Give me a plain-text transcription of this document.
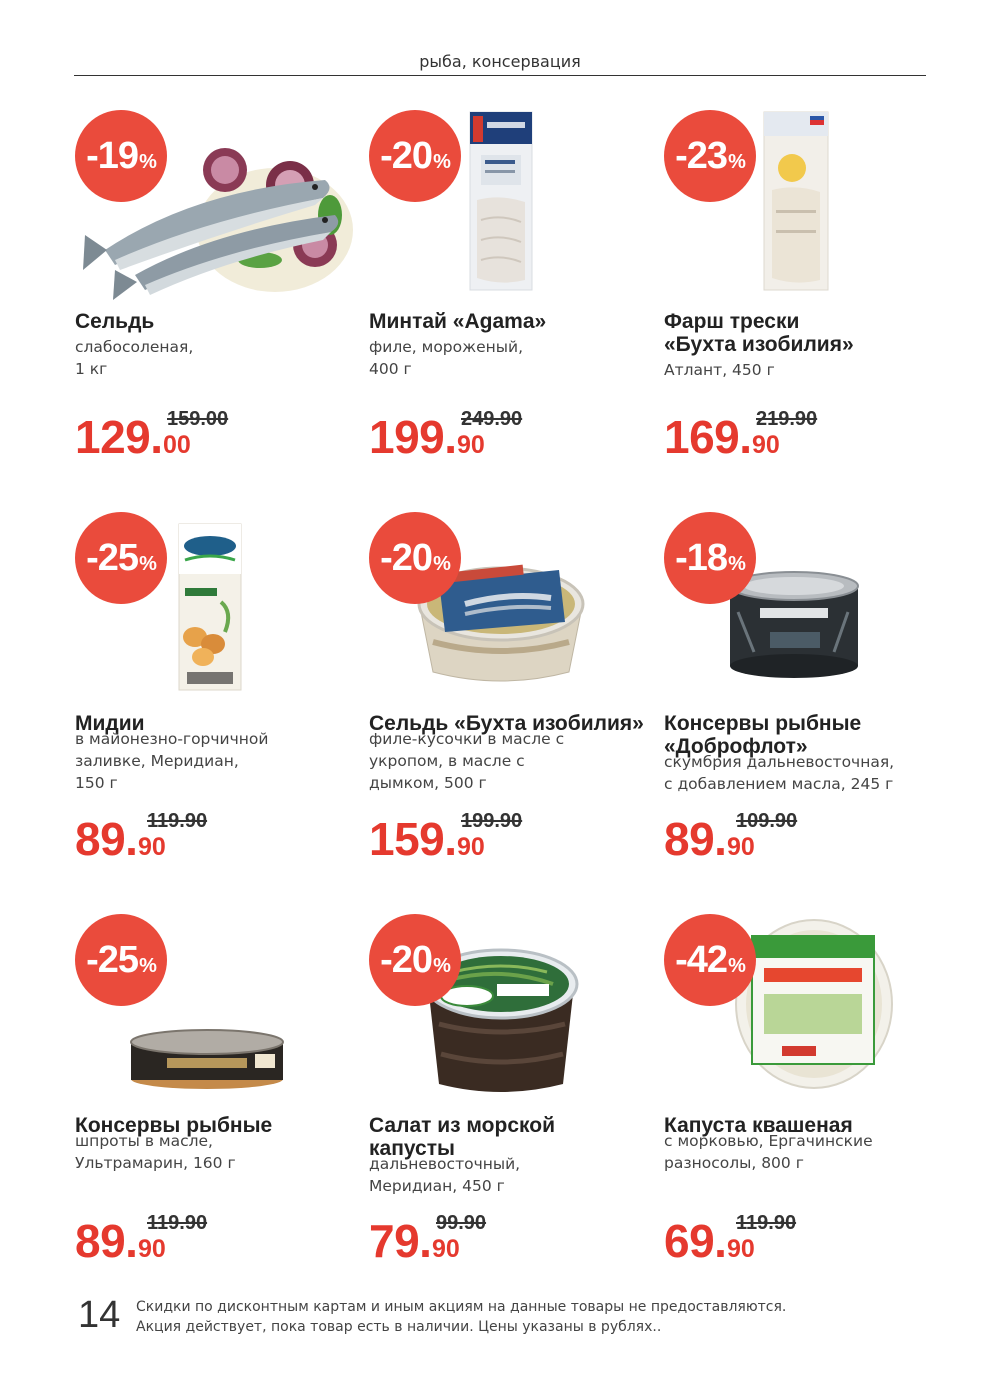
рыба, консервация
-19 %
Сельдь
слабосоленая,
1 кг
129.00
159.00
-20 %
Минтай «Agama»
филе, мороженый,
400 г
199.90
249.90
-23 %
Фарш трески
«Бухта изобилия»
Атлант, 450 г
169.90
219.90
-25 %
Мидии
в майонезно-горчичной
заливке, Меридиан,
150 г
89.90
119.90
-20 %
Сельдь «Бухта изобилия»
филе-кусочки в масле с
укропом, в масле с
дымком, 500 г
159.90
199.90
-18 %
Консервы рыбные
«Доброфлот»
скумбрия дальневосточная,
с добавлением масла, 245 г
89.90
109.90
-25 %
Консервы рыбные
шпроты в масле,
Ультрамарин, 160 г
89.90
119.90
-20 %
Салат из морской
капусты
дальневосточный,
Меридиан, 450 г
79.90
99.90
-42 %
Капуста квашеная
с морковью, Ергачинские
разносолы, 800 г
69.90
119.90
14 Скидки по дисконтным картам и иным акциям на данные товары не предоставляются.
Акция действует, пока товар есть в наличии. Цены указаны в рублях..
